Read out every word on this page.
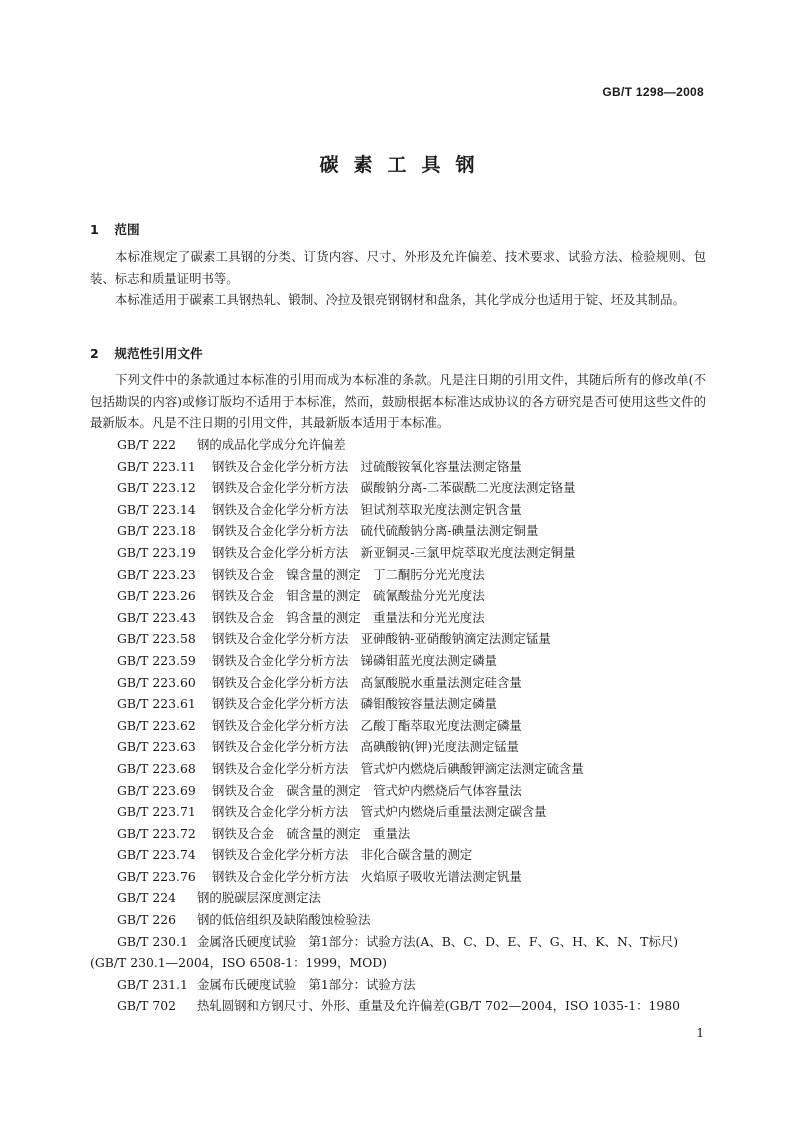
GB/T 1298—2008
碳素工具钢
1 范围
本标准规定了碳素工具钢的分类、订货内容、尺寸、外形及允许偏差、技术要求、试验方法、检验规则、包装、标志和质量证明书等。
本标准适用于碳素工具钢热轧、锻制、冷拉及银亮钢钢材和盘条，其化学成分也适用于锭、坯及其制品。
2 规范性引用文件
下列文件中的条款通过本标准的引用而成为本标准的条款。凡是注日期的引用文件，其随后所有的修改单(不包括勘误的内容)或修订版均不适用于本标准，然而，鼓励根据本标准达成协议的各方研究是否可使用这些文件的最新版本。凡是不注日期的引用文件，其最新版本适用于本标准。
GB/T 222 钢的成品化学成分允许偏差
GB/T 223.11 钢铁及合金化学分析方法　过硫酸铵氧化容量法测定铬量
GB/T 223.12 钢铁及合金化学分析方法　碳酸钠分离-二苯碳酰二光度法测定铬量
GB/T 223.14 钢铁及合金化学分析方法　钽试剂萃取光度法测定钒含量
GB/T 223.18 钢铁及合金化学分析方法　硫代硫酸钠分离-碘量法测定铜量
GB/T 223.19 钢铁及合金化学分析方法　新亚铜灵-三氯甲烷萃取光度法测定铜量
GB/T 223.23 钢铁及合金　镍含量的测定　丁二酮肟分光光度法
GB/T 223.26 钢铁及合金　钼含量的测定　硫氰酸盐分光光度法
GB/T 223.43 钢铁及合金　钨含量的测定　重量法和分光光度法
GB/T 223.58 钢铁及合金化学分析方法　亚砷酸钠-亚硝酸钠滴定法测定锰量
GB/T 223.59 钢铁及合金化学分析方法　锑磷钼蓝光度法测定磷量
GB/T 223.60 钢铁及合金化学分析方法　高氯酸脱水重量法测定硅含量
GB/T 223.61 钢铁及合金化学分析方法　磷钼酸铵容量法测定磷量
GB/T 223.62 钢铁及合金化学分析方法　乙酸丁酯萃取光度法测定磷量
GB/T 223.63 钢铁及合金化学分析方法　高碘酸钠(钾)光度法测定锰量
GB/T 223.68 钢铁及合金化学分析方法　管式炉内燃烧后碘酸钾滴定法测定硫含量
GB/T 223.69 钢铁及合金　碳含量的测定　管式炉内燃烧后气体容量法
GB/T 223.71 钢铁及合金化学分析方法　管式炉内燃烧后重量法测定碳含量
GB/T 223.72 钢铁及合金　硫含量的测定　重量法
GB/T 223.74 钢铁及合金化学分析方法　非化合碳含量的测定
GB/T 223.76 钢铁及合金化学分析方法　火焰原子吸收光谱法测定钒量
GB/T 224 钢的脱碳层深度测定法
GB/T 226 钢的低倍组织及缺陷酸蚀检验法
GB/T 230.1 金属洛氏硬度试验　第1部分：试验方法(A、B、C、D、E、F、G、H、K、N、T标尺)(GB/T 230.1—2004，ISO 6508-1：1999，MOD)
GB/T 231.1 金属布氏硬度试验　第1部分：试验方法
GB/T 702 热轧圆钢和方钢尺寸、外形、重量及允许偏差(GB/T 702—2004，ISO 1035-1：1980
1
